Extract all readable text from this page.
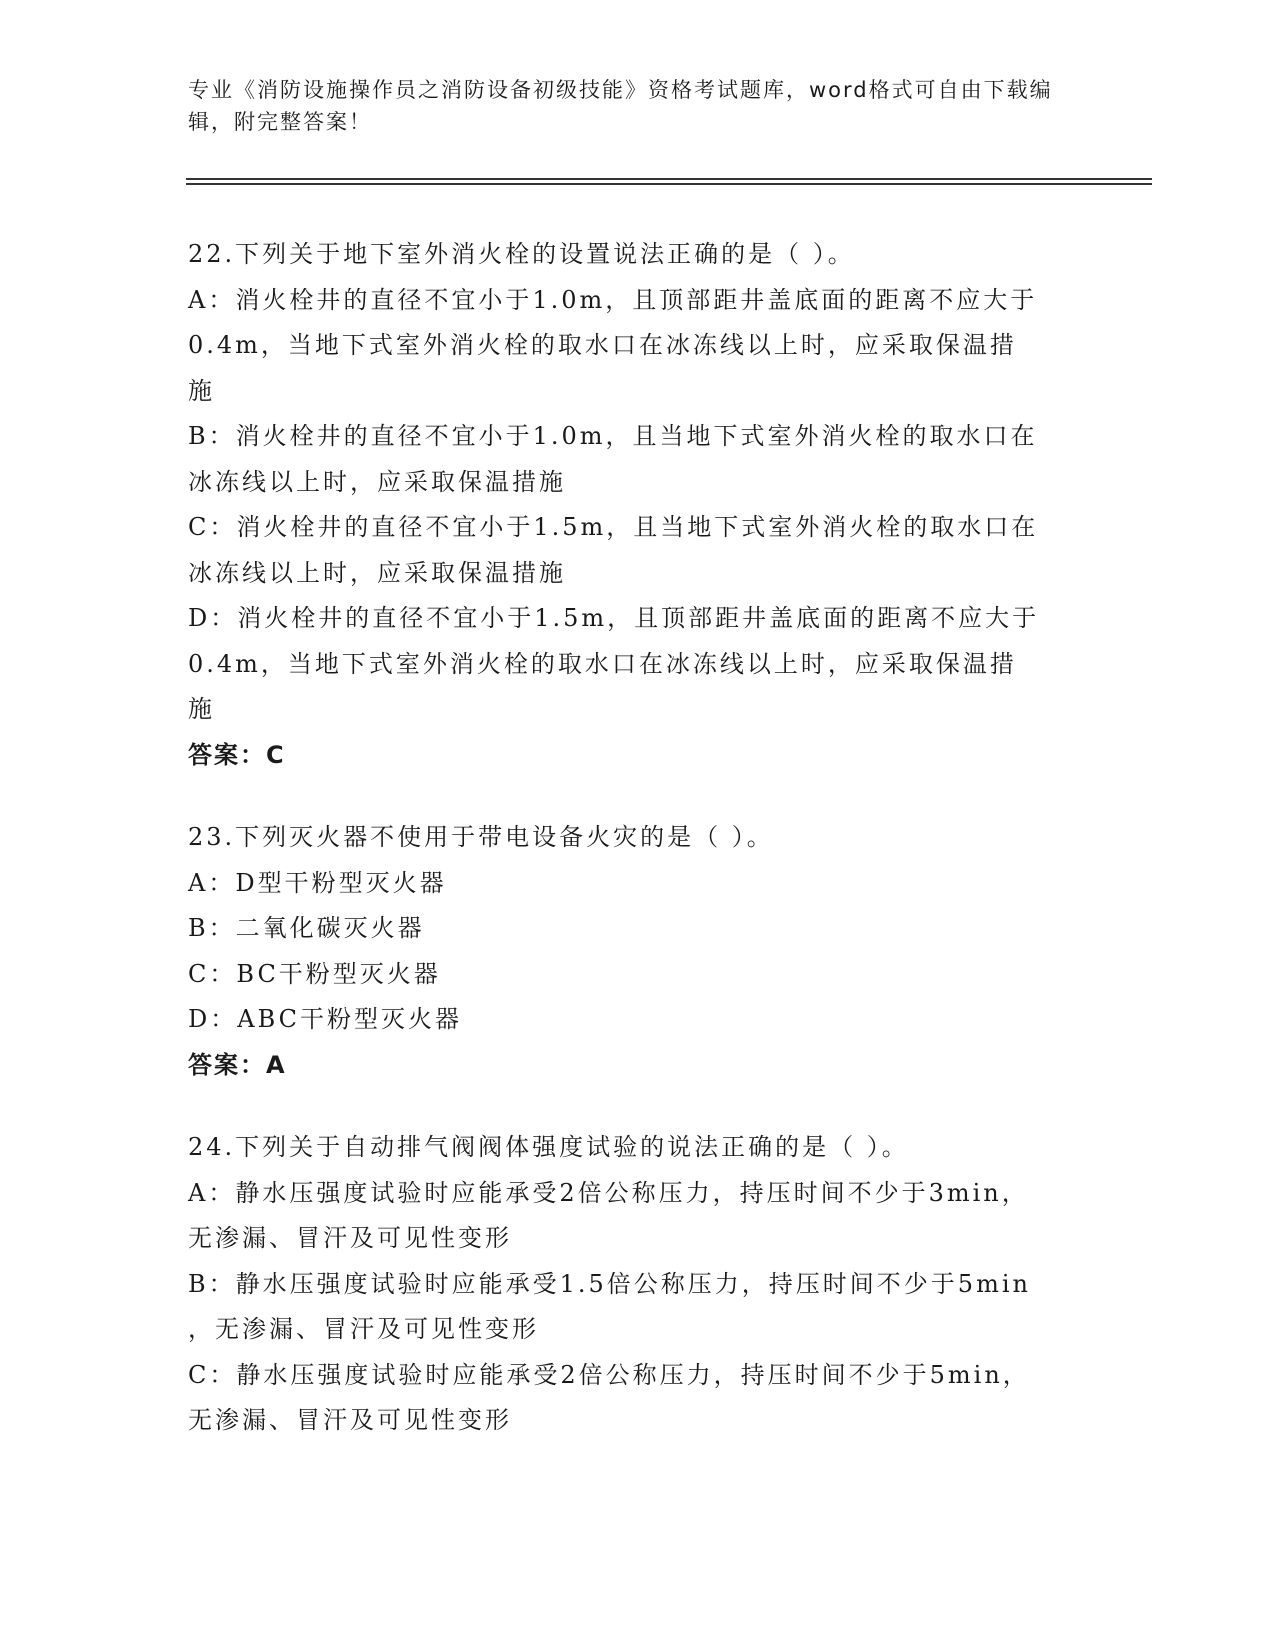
专业《消防设施操作员之消防设备初级技能》资格考试题库，word格式可自由下载编辑，附完整答案！
22.下列关于地下室外消火栓的设置说法正确的是（ ）。
A：消火栓井的直径不宜小于1.0m，且顶部距井盖底面的距离不应大于
0.4m，当地下式室外消火栓的取水口在冰冻线以上时，应采取保温措
施
B：消火栓井的直径不宜小于1.0m，且当地下式室外消火栓的取水口在
冰冻线以上时，应采取保温措施
C：消火栓井的直径不宜小于1.5m，且当地下式室外消火栓的取水口在
冰冻线以上时，应采取保温措施
D：消火栓井的直径不宜小于1.5m，且顶部距井盖底面的距离不应大于
0.4m，当地下式室外消火栓的取水口在冰冻线以上时，应采取保温措
施
答案：C
23.下列灭火器不使用于带电设备火灾的是（ ）。
A：D型干粉型灭火器
B：二氧化碳灭火器
C：BC干粉型灭火器
D：ABC干粉型灭火器
答案：A
24.下列关于自动排气阀阀体强度试验的说法正确的是（ ）。
A：静水压强度试验时应能承受2倍公称压力，持压时间不少于3min，
无渗漏、冒汗及可见性变形
B：静水压强度试验时应能承受1.5倍公称压力，持压时间不少于5min
，无渗漏、冒汗及可见性变形
C：静水压强度试验时应能承受2倍公称压力，持压时间不少于5min，
无渗漏、冒汗及可见性变形
